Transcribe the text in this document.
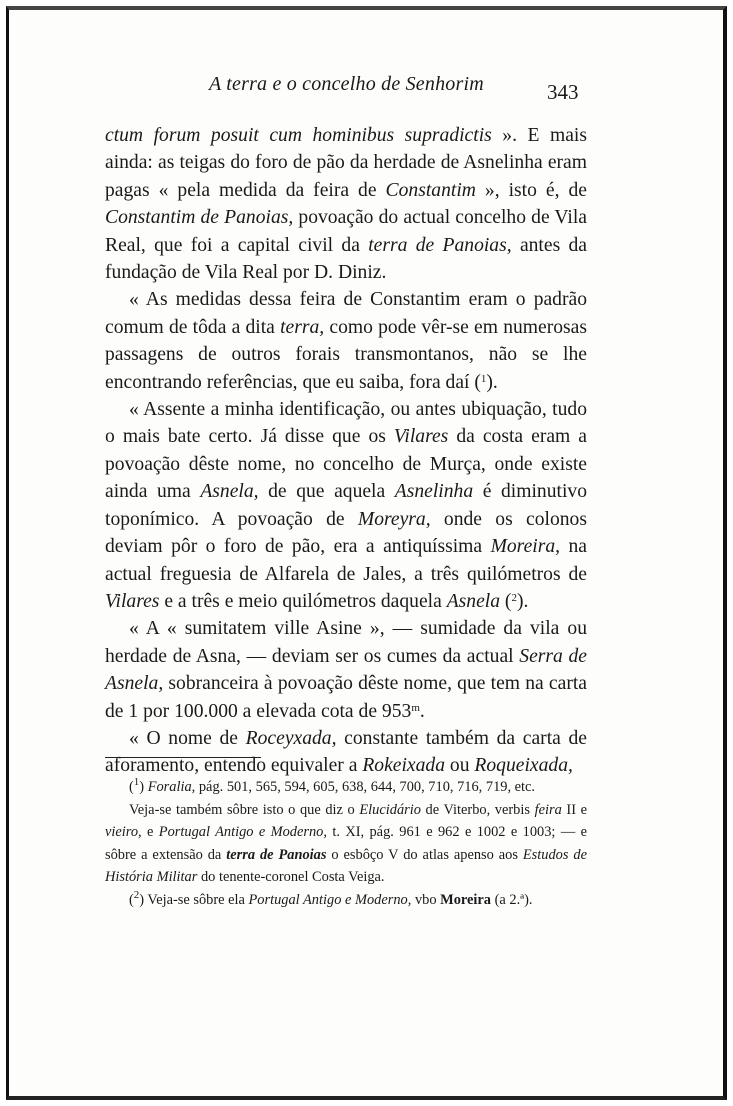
A terra e o concelho de Senhorim	343

ctum forum posuit cum hominibus supradictis ». E mais ainda: as teigas do foro de pão da herdade de Asnelinha eram pagas « pela medida da feira de Constantim », isto é, de Constantim de Panoias, povoação do actual concelho de Vila Real, que foi a capital civil da terra de Panoias, antes da fundação de Vila Real por D. Diniz.

« As medidas dessa feira de Constantim eram o padrão comum de tôda a dita terra, como pode vêr-se em numerosas passagens de outros forais transmontanos, não se lhe encontrando referências, que eu saiba, fora daí ($^1$).

« Assente a minha identificação, ou antes ubiquação, tudo o mais bate certo. Já disse que os Vilares da costa eram a povoação dêste nome, no concelho de Murça, onde existe ainda uma Asnela, de que aquela Asnelinha é diminutivo toponímico. A povoação de Moreyra, onde os colonos deviam pôr o foro de pão, era a antiquíssima Moreira, na actual freguesia de Alfarela de Jales, a três quilómetros de Vilares e a três e meio quilómetros daquela Asnela ($^2$).

« A « sumitatem ville Asine », — sumidade da vila ou herdade de Asna, — deviam ser os cumes da actual Serra de Asnela, sobranceira à povoação dêste nome, que tem na carta de 1 por 100.000 a elevada cota de 953$^m$.

« O nome de Roceyxada, constante também da carta de aforamento, entendo equivaler a Rokeixada ou Roqueixada,

($^1$) Foralia, pág. 501, 565, 594, 605, 638, 644, 700, 710, 716, 719, etc.

Veja-se também sôbre isto o que diz o Elucidário de Viterbo, verbis feira II e vieiro, e Portugal Antigo e Moderno, t. XI, pág. 961 e 962 e 1002 e 1003; — e sôbre a extensão da terra de Panoias o esbôço V do atlas apenso aos Estudos de História Militar do tenente-coronel Costa Veiga.

($^2$) Veja-se sôbre ela Portugal Antigo e Moderno, vbo Moreira (a 2.ª).
